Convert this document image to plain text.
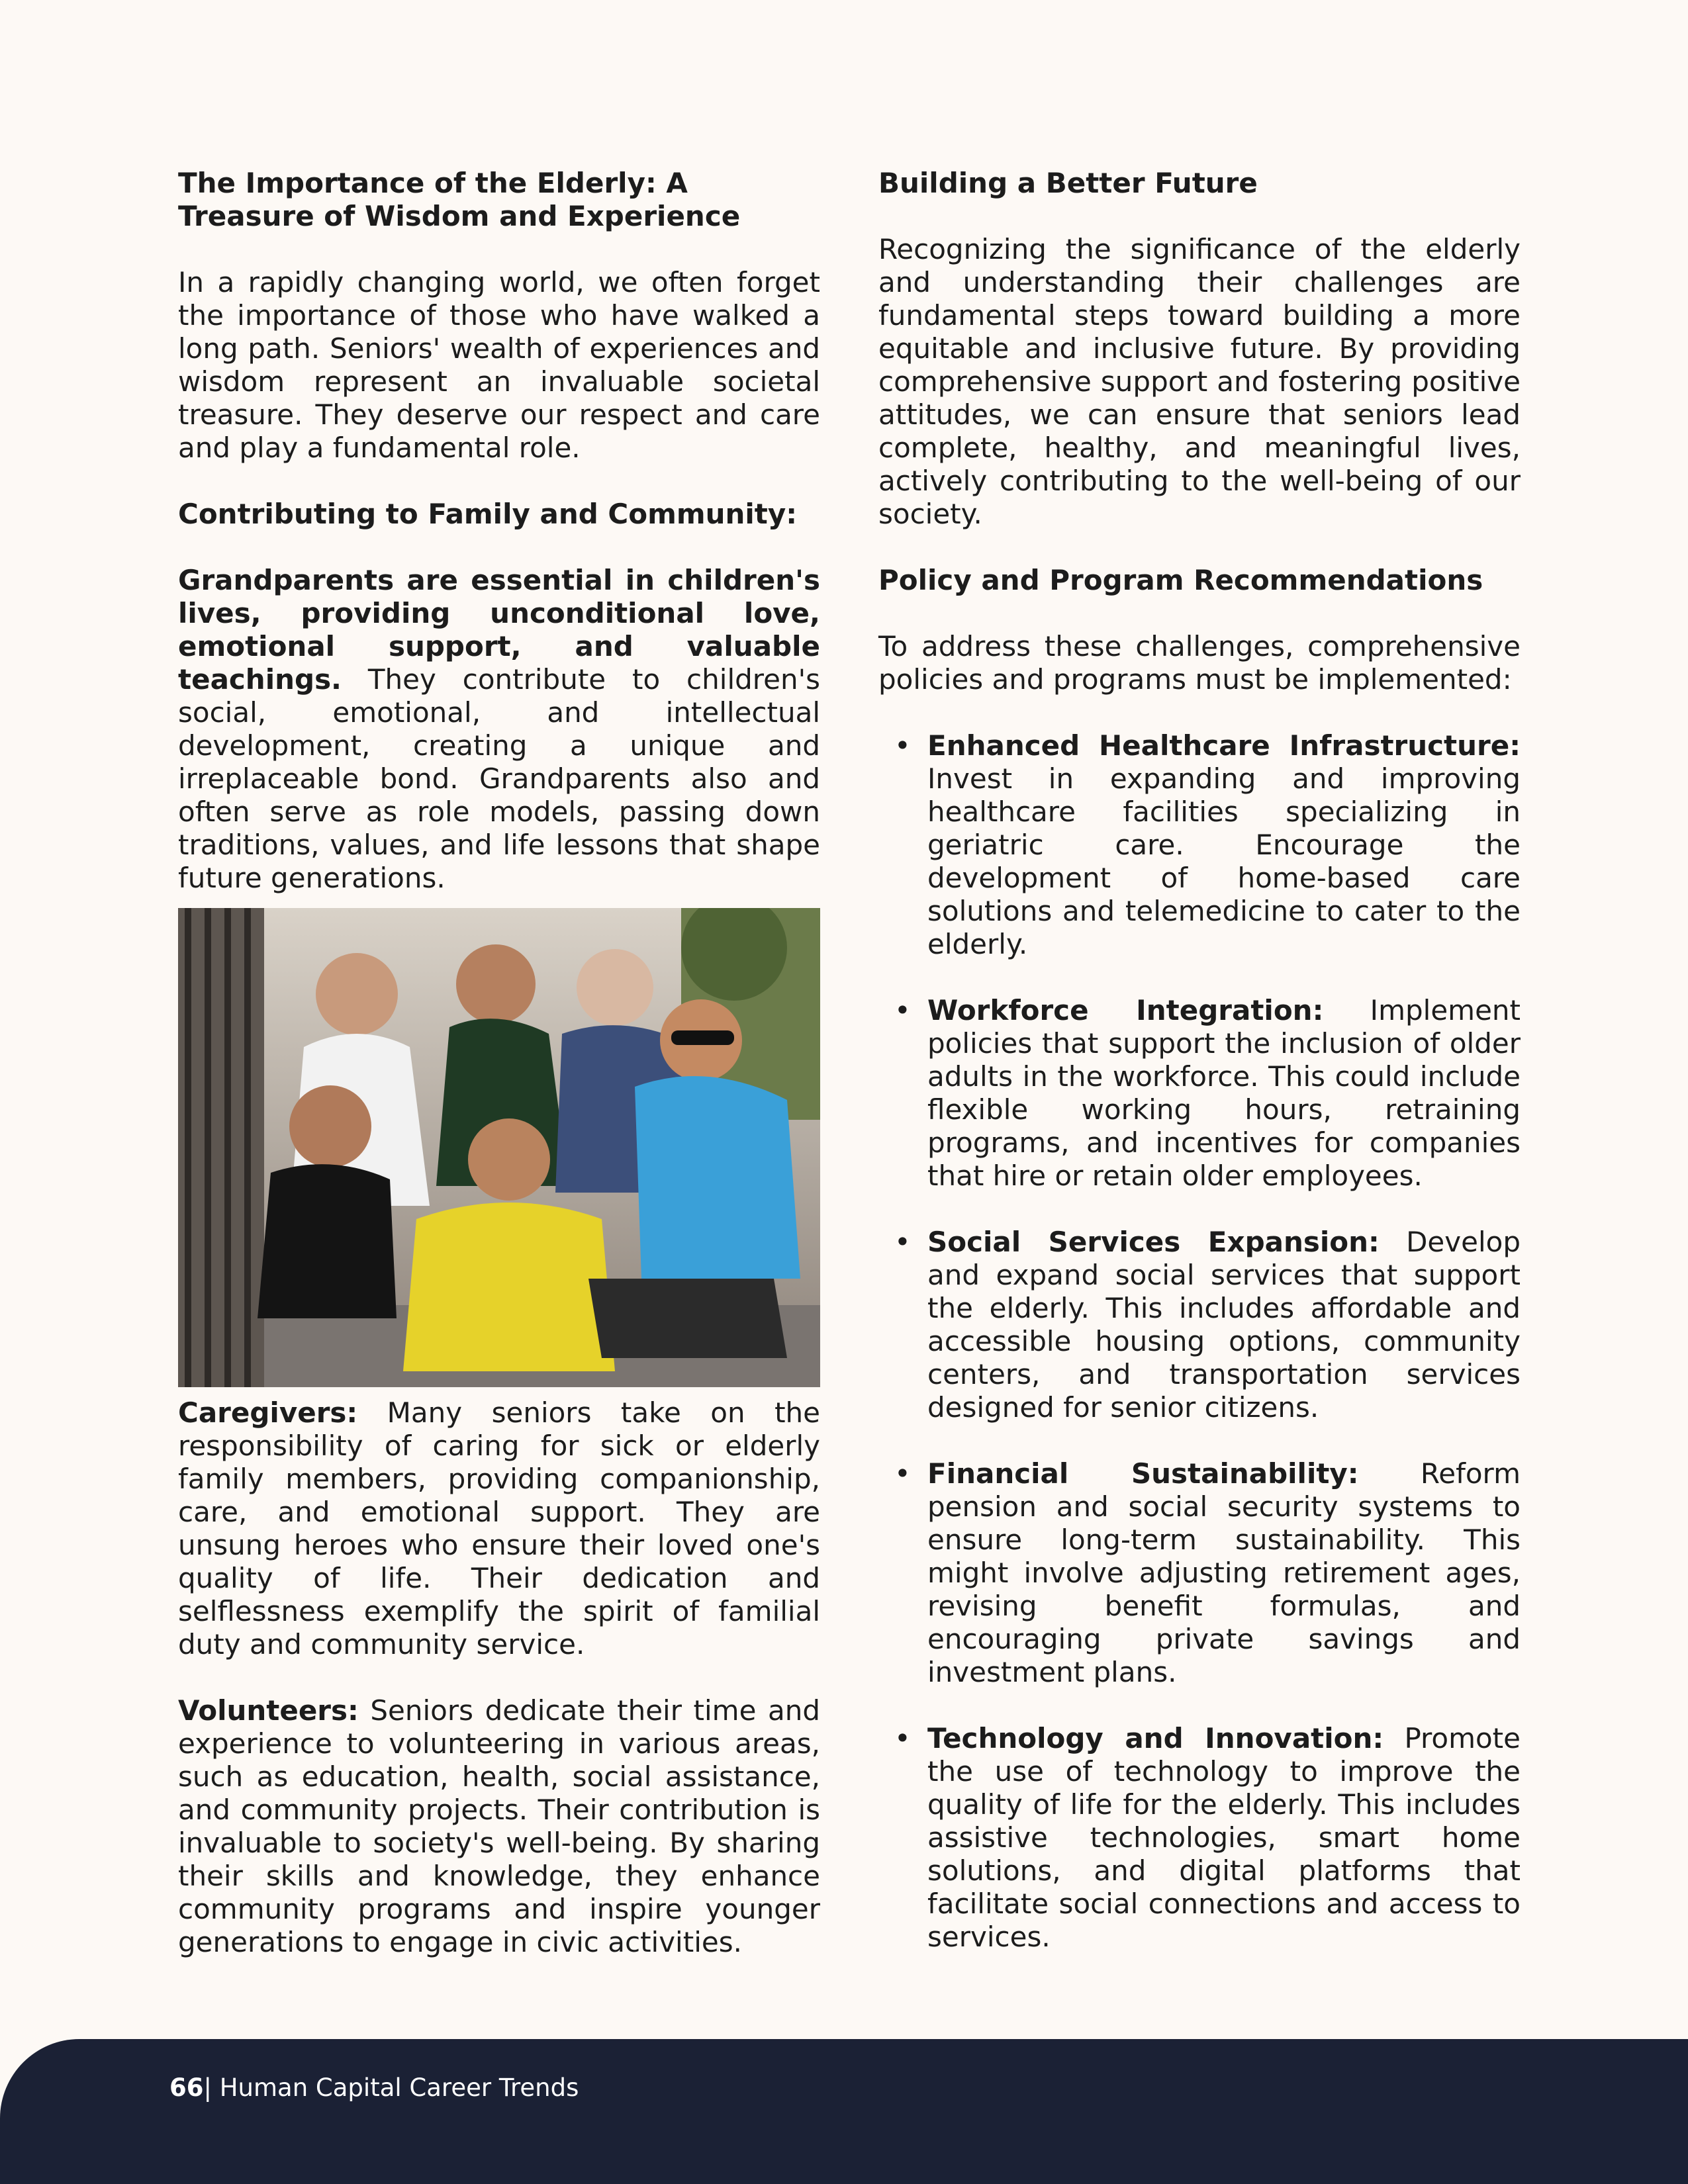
The Importance of the Elderly: A Treasure of Wisdom and Experience

In a rapidly changing world, we often forget the importance of those who have walked a long path. Seniors' wealth of experiences and wisdom represent an invaluable societal treasure. They deserve our respect and care and play a fundamental role.

Contributing to Family and Community:

Grandparents are essential in children's lives, providing unconditional love, emotional support, and valuable teachings. They contribute to children's social, emotional, and intellectual development, creating a unique and irreplaceable bond. Grandparents also and often serve as role models, passing down traditions, values, and life lessons that shape future generations.

Caregivers: Many seniors take on the responsibility of caring for sick or elderly family members, providing companionship, care, and emotional support. They are unsung heroes who ensure their loved one's quality of life. Their dedication and selflessness exemplify the spirit of familial duty and community service.

Volunteers: Seniors dedicate their time and experience to volunteering in various areas, such as education, health, social assistance, and community projects. Their contribution is invaluable to society's well-being. By sharing their skills and knowledge, they enhance community programs and inspire younger generations to engage in civic activities.

Building a Better Future

Recognizing the significance of the elderly and understanding their challenges are fundamental steps toward building a more equitable and inclusive future. By providing comprehensive support and fostering positive attitudes, we can ensure that seniors lead complete, healthy, and meaningful lives, actively contributing to the well-being of our society.

Policy and Program Recommendations

To address these challenges, comprehensive policies and programs must be implemented:

• Enhanced Healthcare Infrastructure: Invest in expanding and improving healthcare facilities specializing in geriatric care. Encourage the development of home-based care solutions and telemedicine to cater to the elderly.
• Workforce Integration: Implement policies that support the inclusion of older adults in the workforce. This could include flexible working hours, retraining programs, and incentives for companies that hire or retain older employees.
• Social Services Expansion: Develop and expand social services that support the elderly. This includes affordable and accessible housing options, community centers, and transportation services designed for senior citizens.
• Financial Sustainability: Reform pension and social security systems to ensure long-term sustainability. This might involve adjusting retirement ages, revising benefit formulas, and encouraging private savings and investment plans.
• Technology and Innovation: Promote the use of technology to improve the quality of life for the elderly. This includes assistive technologies, smart home solutions, and digital platforms that facilitate social connections and access to services.
66| Human Capital Career Trends
